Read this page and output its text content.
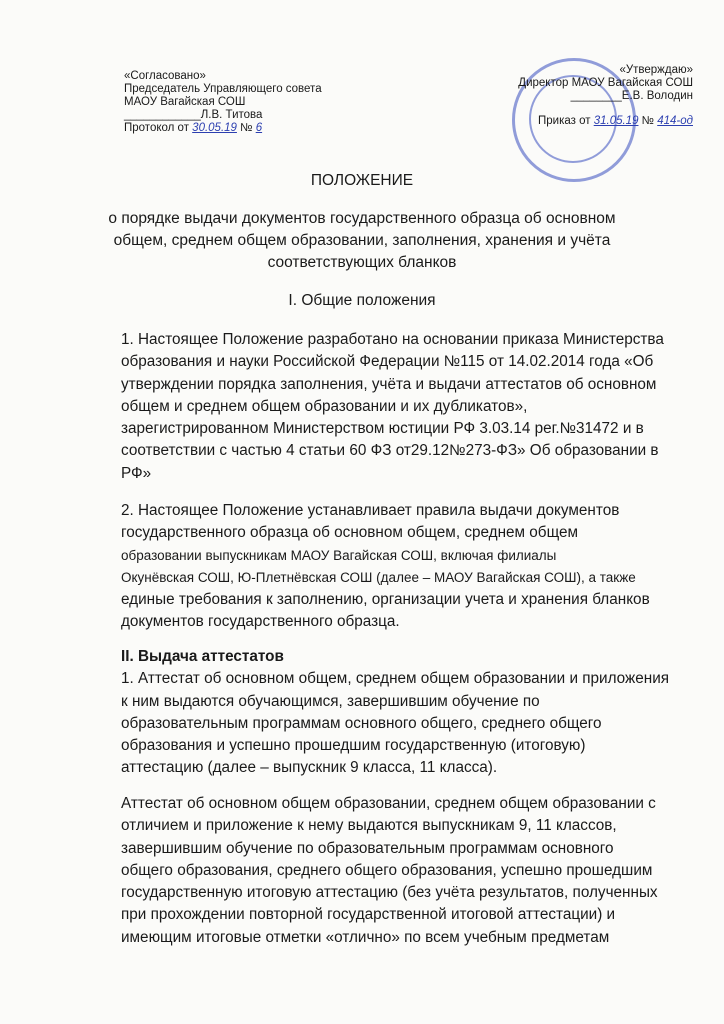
«Согласовано»
Председатель Управляющего совета
МАОУ Вагайская СОШ
____________Л.В. Титова
Протокол от 30.05.19 № 6
«Утверждаю»
Директор МАОУ Вагайская СОШ
________Е.В. Володин
Приказ от 31.05.19 № 414-од
ПОЛОЖЕНИЕ
о порядке выдачи документов государственного образца об основном
общем, среднем общем образовании, заполнения, хранения и учёта
соответствующих бланков
I. Общие положения
1. Настоящее Положение разработано на основании приказа Министерства
образования и науки Российской Федерации №115 от 14.02.2014 года «Об
утверждении порядка заполнения, учёта и выдачи аттестатов об основном
общем и среднем общем образовании и их дубликатов»,
зарегистрированном Министерством юстиции РФ 3.03.14 рег.№31472 и в
соответствии с частью 4 статьи 60 ФЗ от29.12№273-ФЗ» Об образовании в
РФ»
2. Настоящее Положение устанавливает правила выдачи документов
государственного образца об основном общем, среднем общем
образовании выпускникам МАОУ Вагайская СОШ, включая филиалы
Окунёвская СОШ, Ю-Плетнёвская СОШ (далее – МАОУ Вагайская СОШ), а также
единые требования к заполнению, организации учета и хранения бланков
документов государственного образца.
II. Выдача аттестатов
1. Аттестат об основном общем, среднем общем образовании и приложения
к ним выдаются обучающимся, завершившим обучение по
образовательным программам основного общего, среднего общего
образования и успешно прошедшим государственную (итоговую)
аттестацию (далее – выпускник 9 класса, 11 класса).
Аттестат об основном общем образовании, среднем общем образовании с
отличием и приложение к нему выдаются выпускникам 9, 11 классов,
завершившим обучение по образовательным программам основного
общего образования, среднего общего образования, успешно прошедшим
государственную итоговую аттестацию (без учёта результатов, полученных
при прохождении повторной государственной итоговой аттестации) и
имеющим итоговые отметки «отлично» по всем учебным предметам
